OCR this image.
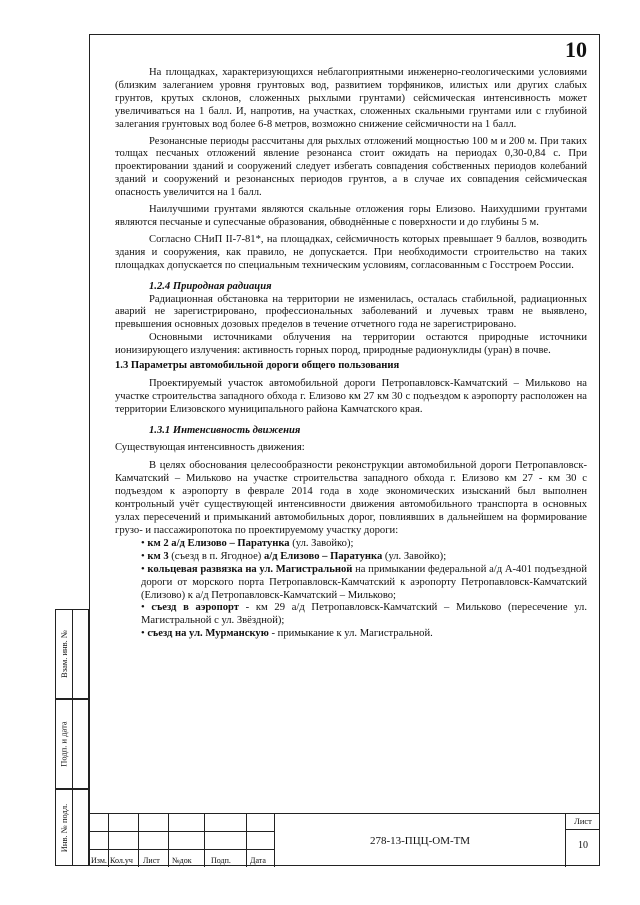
10

На площадках, характеризующихся неблагоприятными инженерно-геологическими условиями (близким залеганием уровня грунтовых вод, развитием торфяников, илистых или других слабых грунтов, крутых склонов, сложенных рыхлыми грунтами) сейсмическая интенсивность может увеличиваться на 1 балл. И, напротив, на участках, сложенных скальными грунтами или с глубиной залегания грунтовых вод более 6-8 метров, возможно снижение сейсмичности на 1 балл.

Резонансные периоды рассчитаны для рыхлых отложений мощностью 100 м и 200 м. При таких толщах песчаных отложений явление резонанса стоит ожидать на периодах 0,30-0,84 с. При проектировании зданий и сооружений следует избегать совпадения собственных периодов колебаний зданий и сооружений и резонансных периодов грунтов, а в случае их совпадения сейсмическая опасность увеличится на 1 балл.

Наилучшими грунтами являются скальные отложения горы Елизово. Наихудшими грунтами являются песчаные и супесчаные образования, обводнённые с поверхности и до глубины 5 м.

Согласно СНиП II-7-81*, на площадках, сейсмичность которых превышает 9 баллов, возводить здания и сооружения, как правило, не допускается. При необходимости строительство на таких площадках допускается по специальным техническим условиям, согласованным с Госстроем России.

1.2.4 Природная радиация

Радиационная обстановка на территории не изменилась, осталась стабильной, радиационных аварий не зарегистрировано, профессиональных заболеваний и лучевых травм не выявлено, превышения основных дозовых пределов в течение отчетного года не зарегистрировано.

Основными источниками облучения на территории остаются природные источники ионизирующего излучения: активность горных пород, природные радионуклиды (уран) в почве.

1.3 Параметры автомобильной дороги общего пользования

Проектируемый участок автомобильной дороги Петропавловск-Камчатский – Мильково на участке строительства западного обхода г. Елизово км 27 км 30 с подъездом к аэропорту расположен на территории Елизовского муниципального района Камчатского края.

1.3.1 Интенсивность движения

Существующая интенсивность движения:

В целях обоснования целесообразности реконструкции автомобильной дороги Петропавловск-Камчатский – Мильково на участке строительства западного обхода г. Елизово км 27 - км 30 с подъездом к аэропорту в феврале 2014 года в ходе экономических изысканий был выполнен контрольный учёт существующей интенсивности движения автомобильного транспорта в основных узлах пересечений и примыканий автомобильных дорог, повлиявших в дальнейшем на формирование грузо- и пассажиропотока по проектируемому участку дороги:

• км 2 а/д Елизово – Паратунка (ул. Завойко);

• км 3 (съезд в п. Ягодное) а/д Елизово – Паратунка (ул. Завойко);

• кольцевая развязка на ул. Магистральной на примыкании федеральной а/д А-401 подъездной дороги от морского порта Петропавловск-Камчатский к аэропорту Петропавловск-Камчатский (Елизово) к а/д Петропавловск-Камчатский – Мильково;

• съезд в аэропорт - км 29 а/д Петропавловск-Камчатский – Мильково (пересечение ул. Магистральной с ул. Звёздной);

• съезд на ул. Мурманскую - примыкание к ул. Магистральной.

Взам. инв. №
Подп. и дата
Инв. № подл.
Изм. Кол.уч Лист №док Подп. Дата
278-13-ПЦЦ-ОМ-ТМ
Лист
10
